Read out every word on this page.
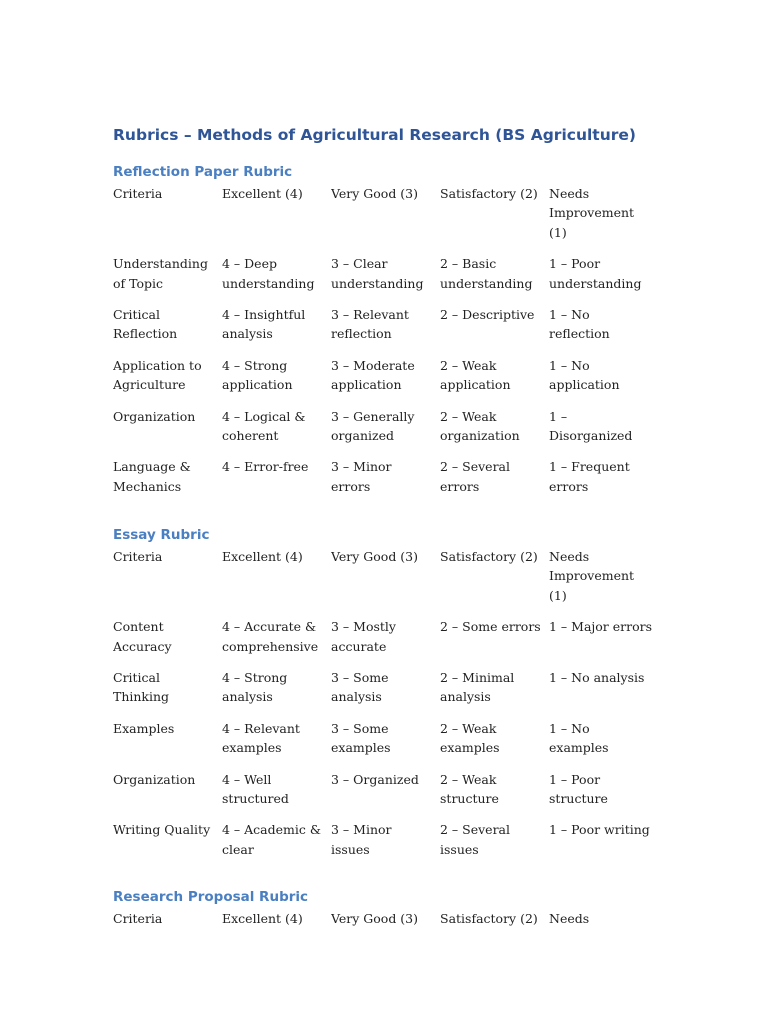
Rubrics – Methods of Agricultural Research (BS Agriculture)
Reflection Paper Rubric
Criteria	Excellent (4)	Very Good (3)	Satisfactory (2)	Needs Improvement (1)
Understanding of Topic	4 – Deep understanding	3 – Clear understanding	2 – Basic understanding	1 – Poor understanding
Critical Reflection	4 – Insightful analysis	3 – Relevant reflection	2 – Descriptive	1 – No reflection
Application to Agriculture	4 – Strong application	3 – Moderate application	2 – Weak application	1 – No application
Organization	4 – Logical & coherent	3 – Generally organized	2 – Weak organization	1 – Disorganized
Language & Mechanics	4 – Error-free	3 – Minor errors	2 – Several errors	1 – Frequent errors
Essay Rubric
Criteria	Excellent (4)	Very Good (3)	Satisfactory (2)	Needs Improvement (1)
Content Accuracy	4 – Accurate & comprehensive	3 – Mostly accurate	2 – Some errors	1 – Major errors
Critical Thinking	4 – Strong analysis	3 – Some analysis	2 – Minimal analysis	1 – No analysis
Examples	4 – Relevant examples	3 – Some examples	2 – Weak examples	1 – No examples
Organization	4 – Well structured	3 – Organized	2 – Weak structure	1 – Poor structure
Writing Quality	4 – Academic & clear	3 – Minor issues	2 – Several issues	1 – Poor writing
Research Proposal Rubric
Criteria	Excellent (4)	Very Good (3)	Satisfactory (2)	Needs
